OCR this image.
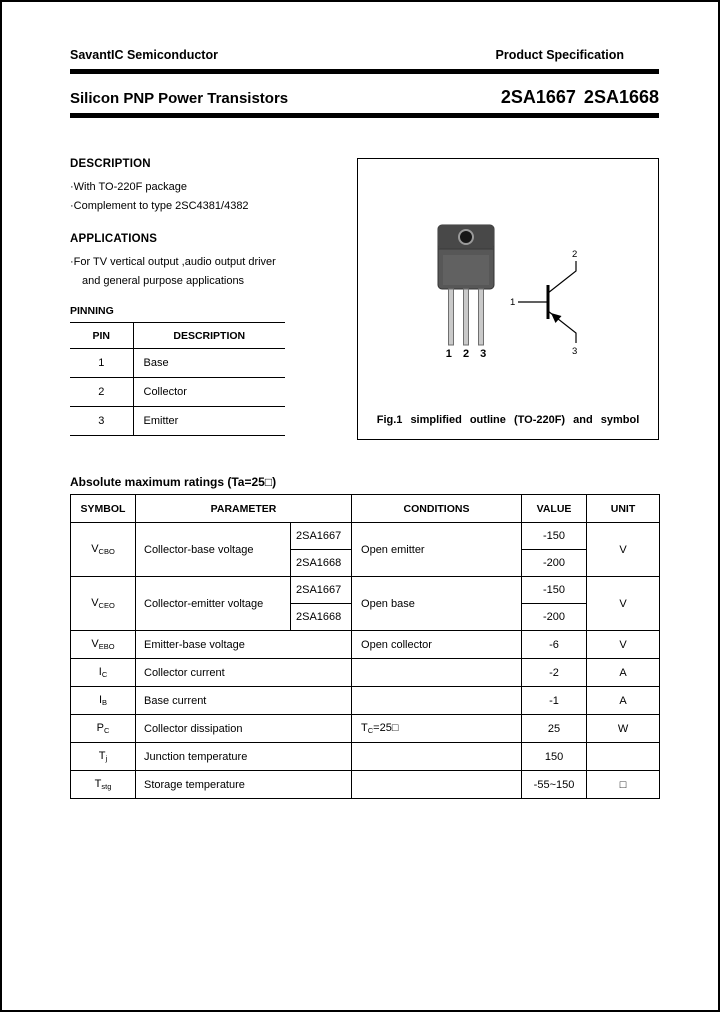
SavantIC Semiconductor	Product Specification
Silicon PNP Power Transistors	2SA1667 2SA1668
DESCRIPTION
·With TO-220F package
·Complement to type 2SC4381/4382
APPLICATIONS
·For TV vertical output ,audio output driver
and general purpose applications
PINNING
PIN	DESCRIPTION
1	Base
2	Collector
3	Emitter
1 2 3
1
2
3
Fig.1 simplified outline (TO-220F) and symbol
Absolute maximum ratings (Ta=25□)
SYMBOL	PARAMETER		CONDITIONS	VALUE	UNIT
$V_{CBO}$	Collector-base voltage	2SA1667	Open emitter	-150	V
		2SA1668		-200	
$V_{CEO}$	Collector-emitter voltage	2SA1667	Open base	-150	V
		2SA1668		-200	
$V_{EBO}$	Emitter-base voltage		Open collector	-6	V
$I_C$	Collector current			-2	A
$I_B$	Base current			-1	A
$P_C$	Collector dissipation		$T_C=25□$	25	W
$T_j$	Junction temperature			150	
$T_{stg}$	Storage temperature			-55~150	□
